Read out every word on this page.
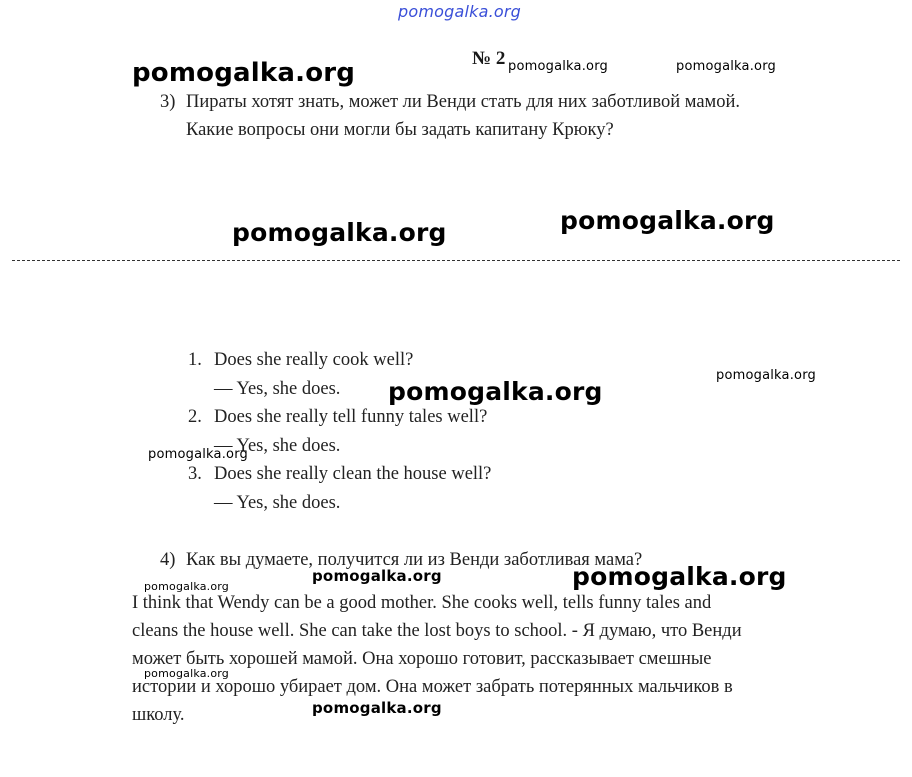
pomogalka.org
№ 2
pomogalka.org	pomogalka.org	pomogalka.org
3) Пираты хотят знать, может ли Венди стать для них заботливой мамой.
Какие вопросы они могли бы задать капитану Крюку?
pomogalka.org	pomogalka.org
1. Does she really cook well?
— Yes, she does.
2. Does she really tell funny tales well?
— Yes, she does.
3. Does she really clean the house well?
— Yes, she does.
pomogalka.org
pomogalka.org
pomogalka.org
4) Как вы думаете, получится ли из Венди заботливая мама?
pomogalka.org
pomogalka.org	pomogalka.org
I think that Wendy can be a good mother. She cooks well, tells funny tales and
cleans the house well. She can take the lost boys to school. - Я думаю, что Венди
может быть хорошей мамой. Она хорошо готовит, рассказывает смешные
pomogalka.org
истории и хорошо убирает дом. Она может забрать потерянных мальчиков в
школу.	pomogalka.org
